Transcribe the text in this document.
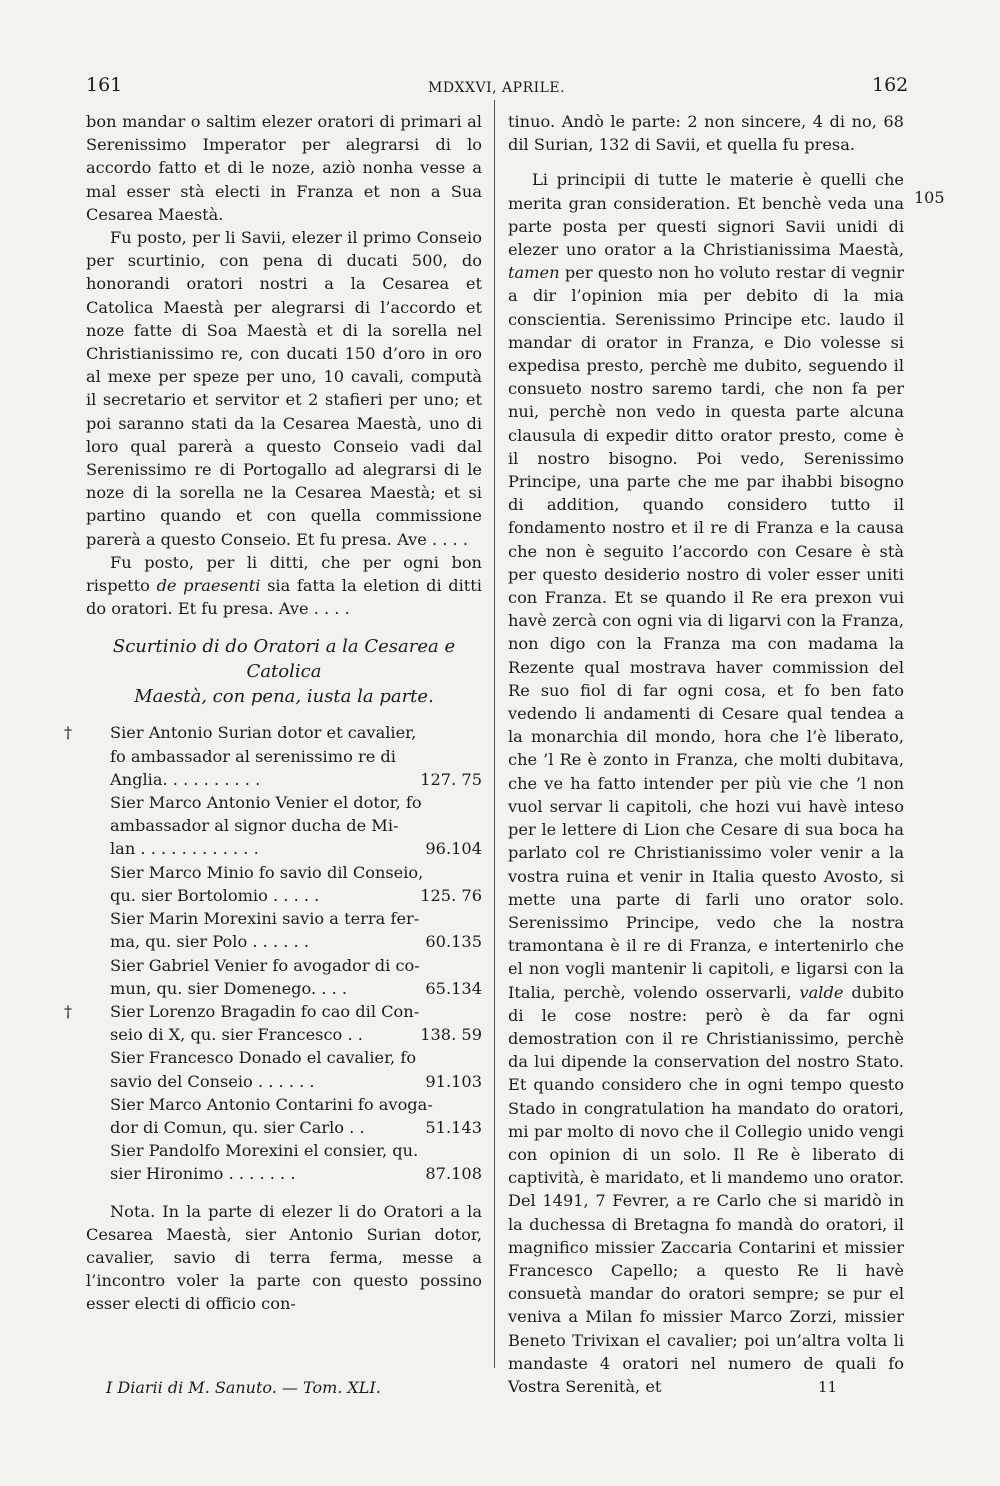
161	MDXXVI, APRILE.	162
105

bon mandar o saltim elezer oratori di primari al Serenissimo Imperator per alegrarsi di lo accordo fatto et di le noze, aziò nonha vesse a mal esser stà electi in Franza et non a Sua Cesarea Maestà.

Fu posto, per li Savii, elezer il primo Conseio per scurtinio, con pena di ducati 500, do honorandi oratori nostri a la Cesarea et Catolica Maestà per alegrarsi di l’accordo et noze fatte di Soa Maestà et di la sorella nel Christianissimo re, con ducati 150 d’oro in oro al mexe per speze per uno, 10 cavali, computà il secretario et servitor et 2 stafieri per uno; et poi saranno stati da la Cesarea Maestà, uno di loro qual parerà a questo Conseio vadi dal Serenissimo re di Portogallo ad alegrarsi di le noze di la sorella ne la Cesarea Maestà; et si partino quando et con quella commissione parerà a questo Conseio. Et fu presa. Ave . . . .

Fu posto, per li ditti, che per ogni bon rispetto de praesenti sia fatta la eletion di ditti do oratori. Et fu presa. Ave . . . .

Scurtinio di do Oratori a la Cesarea e Catolica
Maestà, con pena, iusta la parte.
† Sier Antonio Surian dotor et cavalier,
fo ambassador al serenissimo re di
Anglia. . . . . . . . . .	127. 75
Sier Marco Antonio Venier el dotor, fo
ambassador al signor ducha de Mi-
lan . . . . . . . . . . . .	96.104
Sier Marco Minio fo savio dil Conseio,
qu. sier Bortolomio . . . . .	125. 76
Sier Marin Morexini savio a terra fer-
ma, qu. sier Polo . . . . . .	60.135
Sier Gabriel Venier fo avogador di co-
mun, qu. sier Domenego. . . .	65.134
† Sier Lorenzo Bragadin fo cao dil Con-
seio di X, qu. sier Francesco . .	138. 59
Sier Francesco Donado el cavalier, fo
savio del Conseio . . . . . .	91.103
Sier Marco Antonio Contarini fo avoga-
dor di Comun, qu. sier Carlo . .	51.143
Sier Pandolfo Morexini el consier, qu.
sier Hironimo . . . . . . .	87.108

Nota. In la parte di elezer li do Oratori a la Cesarea Maestà, sier Antonio Surian dotor, cavalier, savio di terra ferma, messe a l’incontro voler la parte con questo possino esser electi di officio con-

tinuo. Andò le parte: 2 non sincere, 4 di no, 68 dil Surian, 132 di Savii, et quella fu presa.

Li principii di tutte le materie è quelli che merita gran consideration. Et benchè veda una parte posta per questi signori Savii unidi di elezer uno orator a la Christianissima Maestà, tamen per questo non ho voluto restar di vegnir a dir l’opinion mia per debito di la mia conscientia. Serenissimo Principe etc. laudo il mandar di orator in Franza, e Dio volesse si expedisa presto, perchè me dubito, seguendo il consueto nostro saremo tardi, che non fa per nui, perchè non vedo in questa parte alcuna clausula di expedir ditto orator presto, come è il nostro bisogno. Poi vedo, Serenissimo Principe, una parte che me par ihabbi bisogno di addition, quando considero tutto il fondamento nostro et il re di Franza e la causa che non è seguito l’accordo con Cesare è stà per questo desiderio nostro di voler esser uniti con Franza. Et se quando il Re era prexon vui havè zercà con ogni via di ligarvi con la Franza, non digo con la Franza ma con madama la Rezente qual mostrava haver commission del Re suo fiol di far ogni cosa, et fo ben fato vedendo li andamenti di Cesare qual tendea a la monarchia dil mondo, hora che l’è liberato, che ’l Re è zonto in Franza, che molti dubitava, che ve ha fatto intender per più vie che ’l non vuol servar li capitoli, che hozi vui havè inteso per le lettere di Lion che Cesare di sua boca ha parlato col re Christianissimo voler venir a la vostra ruina et venir in Italia questo Avosto, si mette una parte di farli uno orator solo. Serenissimo Principe, vedo che la nostra tramontana è il re di Franza, e intertenirlo che el non vogli mantenir li capitoli, e ligarsi con la Italia, perchè, volendo osservarli, valde dubito di le cose nostre: però è da far ogni demostration con il re Christianissimo, perchè da lui dipende la conservation del nostro Stato. Et quando considero che in ogni tempo questo Stado in congratulation ha mandato do oratori, mi par molto di novo che il Collegio unido vengi con opinion di un solo. Il Re è liberato di captività, è maridato, et li mandemo uno orator. Del 1491, 7 Fevrer, a re Carlo che si maridò in la duchessa di Bretagna fo mandà do oratori, il magnifico missier Zaccaria Contarini et missier Francesco Capello; a questo Re li havè consuetà mandar do oratori sempre; se pur el veniva a Milan fo missier Marco Zorzi, missier Beneto Trivixan el cavalier; poi un’altra volta li mandaste 4 oratori nel numero de quali fo Vostra Serenità, et

I Diarii di M. Sanuto. — Tom. XLI.	11
